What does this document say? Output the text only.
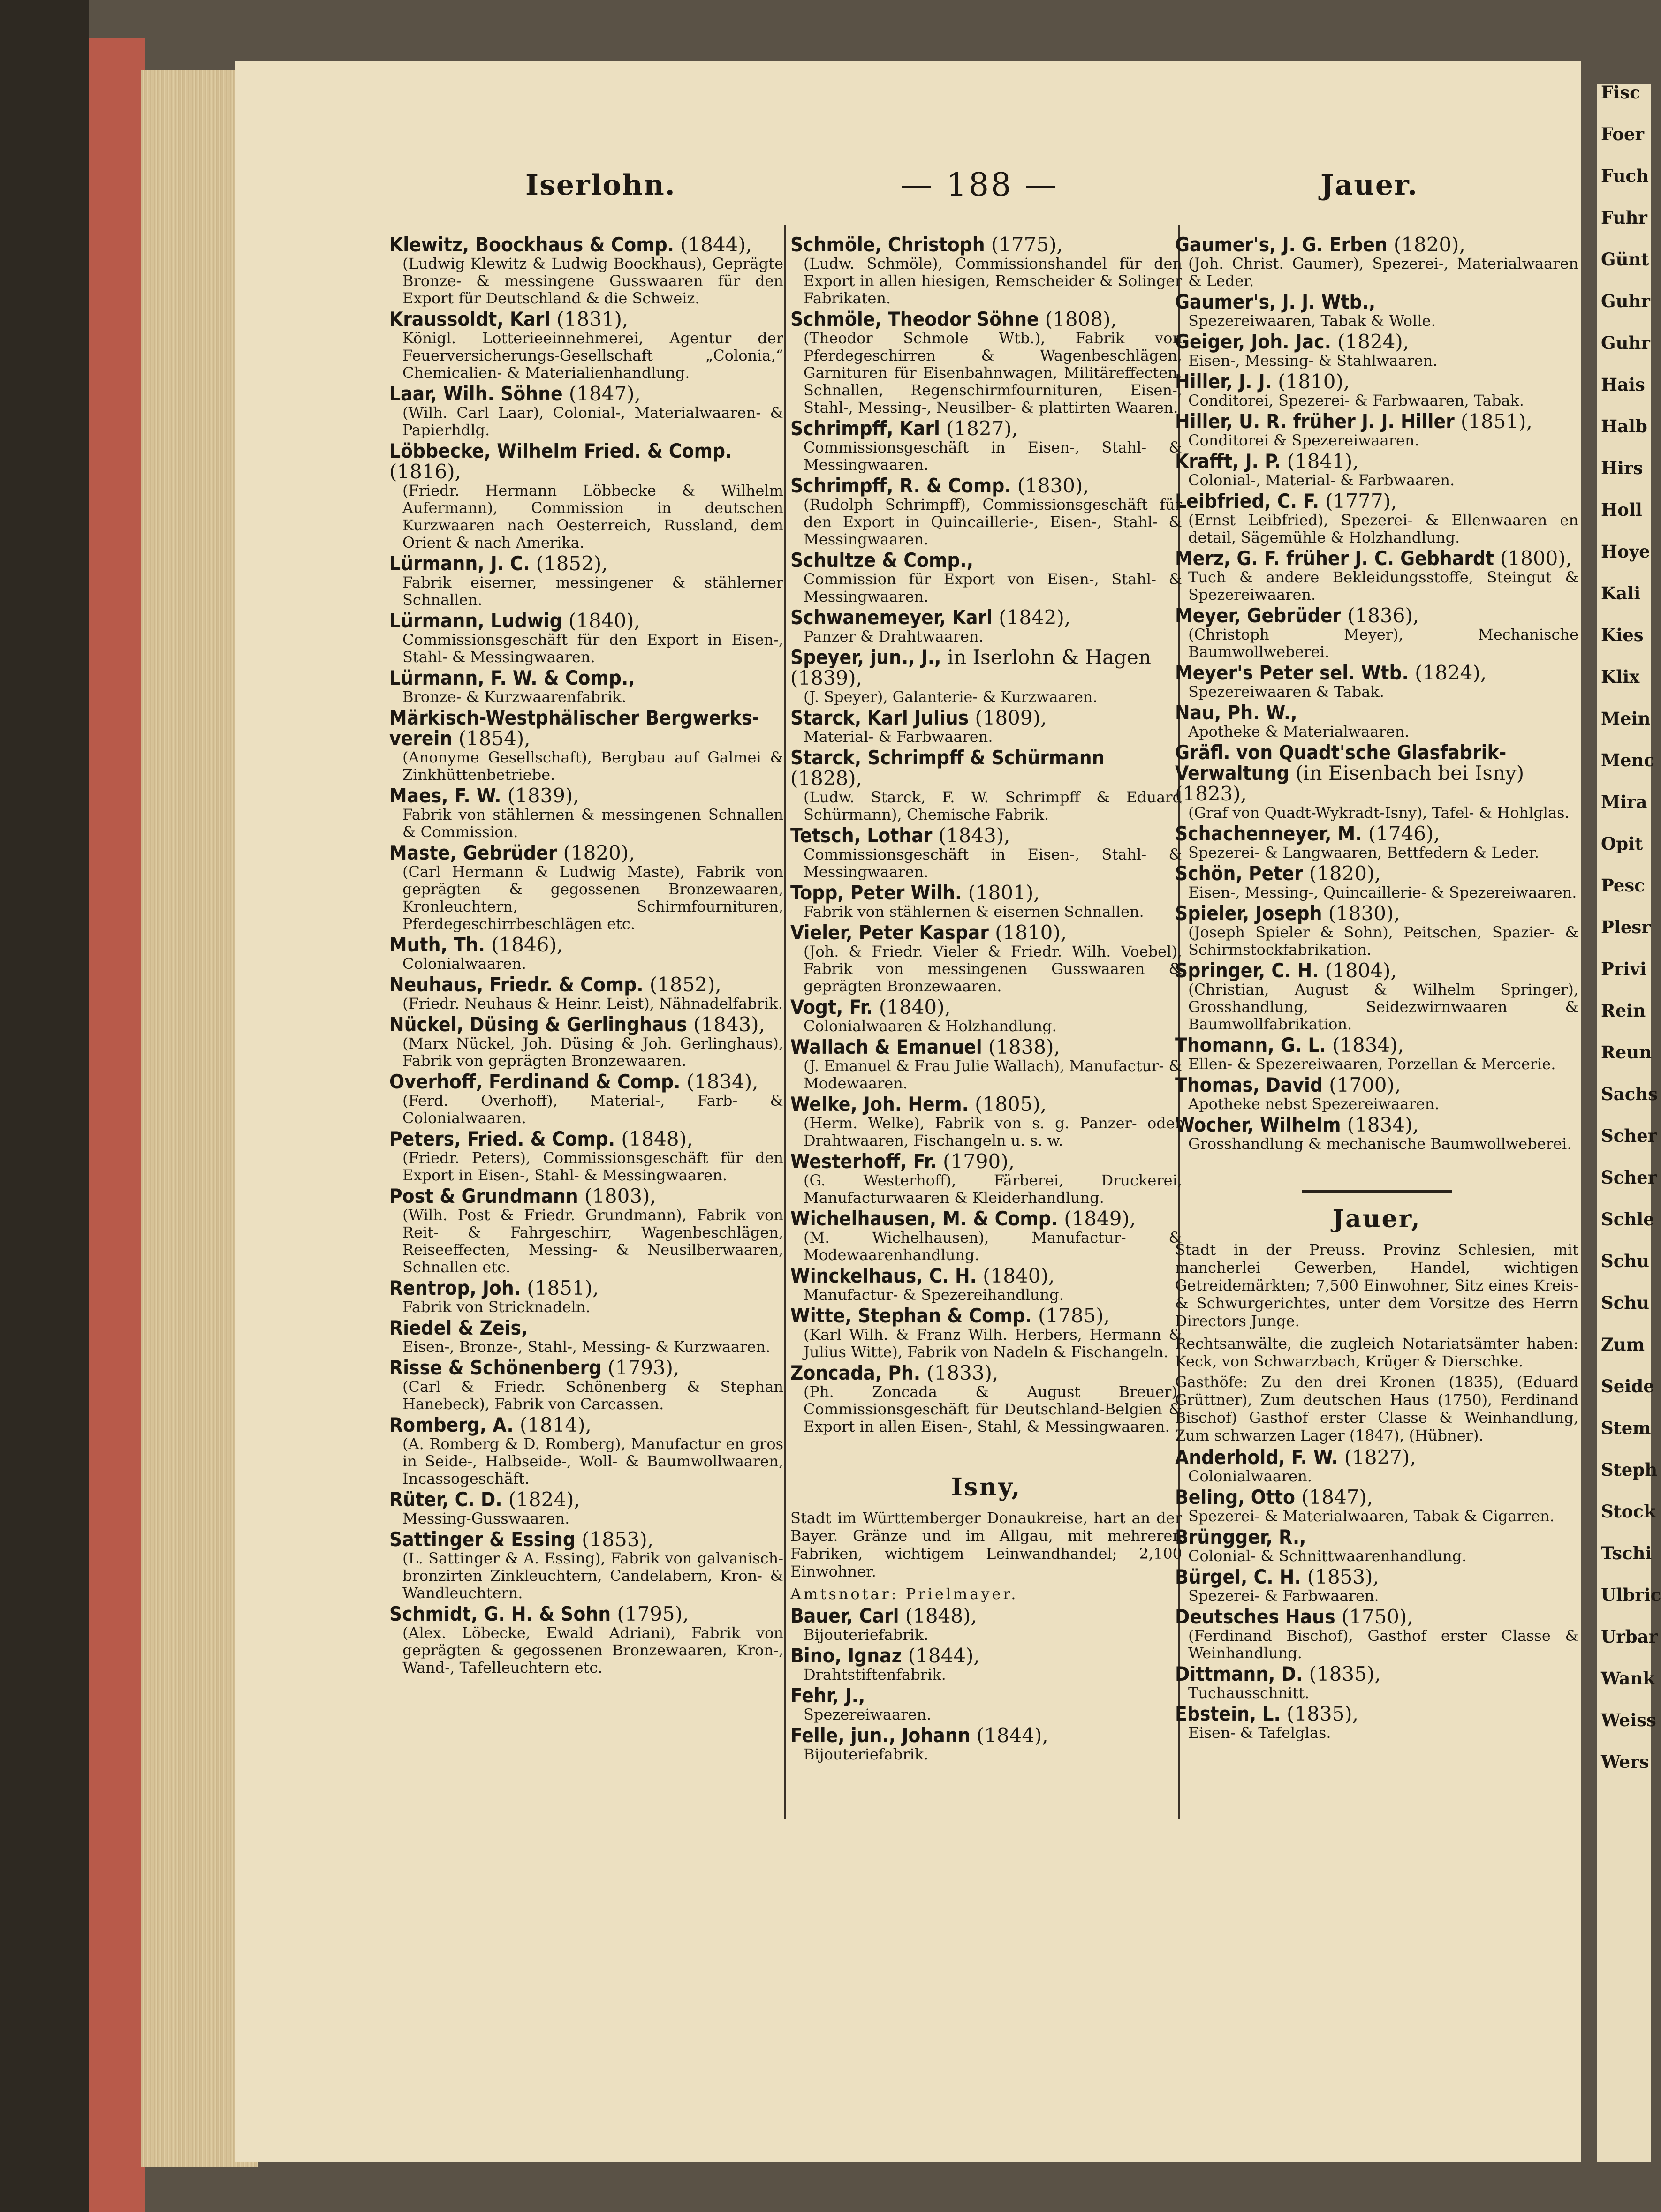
Iserlohn.	— 188 —	Jauer.
Klewitz, Boockhaus & Comp. (1844),
(Ludwig Klewitz & Ludwig Boockhaus), Geprägte Bronze- & messingene Gusswaaren für den Export für Deutschland & die Schweiz.
Kraussoldt, Karl (1831),
Königl. Lotterieeinnehmerei, Agentur der Feuerversicherungs-Gesellschaft „Colonia,“ Chemicalien- & Materialienhandlung.
Laar, Wilh. Söhne (1847),
(Wilh. Carl Laar), Colonial-, Materialwaaren- & Papierhdlg.
Löbbecke, Wilhelm Fried. & Comp. (1816),
(Friedr. Hermann Löbbecke & Wilhelm Aufermann), Commission in deutschen Kurzwaaren nach Oesterreich, Russland, dem Orient & nach Amerika.
Lürmann, J. C. (1852),
Fabrik eiserner, messingener & stählerner Schnallen.
Lürmann, Ludwig (1840),
Commissionsgeschäft für den Export in Eisen-, Stahl- & Messingwaaren.
Lürmann, F. W. & Comp.,
Bronze- & Kurzwaarenfabrik.
Märkisch-Westphälischer Bergwerks-verein (1854),
(Anonyme Gesellschaft), Bergbau auf Galmei & Zinkhüttenbetriebe.
Maes, F. W. (1839),
Fabrik von stählernen & messingenen Schnallen & Commission.
Maste, Gebrüder (1820),
(Carl Hermann & Ludwig Maste), Fabrik von geprägten & gegossenen Bronzewaaren, Kronleuchtern, Schirmfournituren, Pferdegeschirrbeschlägen etc.
Muth, Th. (1846),
Colonialwaaren.
Neuhaus, Friedr. & Comp. (1852),
(Friedr. Neuhaus & Heinr. Leist), Nähnadelfabrik.
Nückel, Düsing & Gerlinghaus (1843),
(Marx Nückel, Joh. Düsing & Joh. Gerlinghaus), Fabrik von geprägten Bronzewaaren.
Overhoff, Ferdinand & Comp. (1834),
(Ferd. Overhoff), Material-, Farb- & Colonialwaaren.
Peters, Fried. & Comp. (1848),
(Friedr. Peters), Commissionsgeschäft für den Export in Eisen-, Stahl- & Messingwaaren.
Post & Grundmann (1803),
(Wilh. Post & Friedr. Grundmann), Fabrik von Reit- & Fahrgeschirr, Wagenbeschlägen, Reiseeffecten, Messing- & Neusilberwaaren, Schnallen etc.
Rentrop, Joh. (1851),
Fabrik von Stricknadeln.
Riedel & Zeis,
Eisen-, Bronze-, Stahl-, Messing- & Kurzwaaren.
Risse & Schönenberg (1793),
(Carl & Friedr. Schönenberg & Stephan Hanebeck), Fabrik von Carcassen.
Romberg, A. (1814),
(A. Romberg & D. Romberg), Manufactur en gros in Seide-, Halbseide-, Woll- & Baumwollwaaren, Incassogeschäft.
Rüter, C. D. (1824),
Messing-Gusswaaren.
Sattinger & Essing (1853),
(L. Sattinger & A. Essing), Fabrik von galvanisch-bronzirten Zinkleuchtern, Candelabern, Kron- & Wandleuchtern.
Schmidt, G. H. & Sohn (1795),
(Alex. Löbecke, Ewald Adriani), Fabrik von geprägten & gegossenen Bronzewaaren, Kron-, Wand-, Tafelleuchtern etc.
Schmöle, Christoph (1775),
(Ludw. Schmöle), Commissionshandel für den Export in allen hiesigen, Remscheider & Solinger Fabrikaten.
Schmöle, Theodor Söhne (1808),
(Theodor Schmole Wtb.), Fabrik von Pferdegeschirren & Wagenbeschlägen, Garnituren für Eisenbahnwagen, Militäreffecten, Schnallen, Regenschirmfournituren, Eisen-, Stahl-, Messing-, Neusilber- & plattirten Waaren.
Schrimpff, Karl (1827),
Commissionsgeschäft in Eisen-, Stahl- & Messingwaaren.
Schrimpff, R. & Comp. (1830),
(Rudolph Schrimpff), Commissionsgeschäft für den Export in Quincaillerie-, Eisen-, Stahl- & Messingwaaren.
Schultze & Comp.,
Commission für Export von Eisen-, Stahl- & Messingwaaren.
Schwanemeyer, Karl (1842),
Panzer & Drahtwaaren.
Speyer, jun., J., in Iserlohn & Hagen (1839),
(J. Speyer), Galanterie- & Kurzwaaren.
Starck, Karl Julius (1809),
Material- & Farbwaaren.
Starck, Schrimpff & Schürmann (1828),
(Ludw. Starck, F. W. Schrimpff & Eduard Schürmann), Chemische Fabrik.
Tetsch, Lothar (1843),
Commissionsgeschäft in Eisen-, Stahl- & Messingwaaren.
Topp, Peter Wilh. (1801),
Fabrik von stählernen & eisernen Schnallen.
Vieler, Peter Kaspar (1810),
(Joh. & Friedr. Vieler & Friedr. Wilh. Voebel), Fabrik von messingenen Gusswaaren & geprägten Bronzewaaren.
Vogt, Fr. (1840),
Colonialwaaren & Holzhandlung.
Wallach & Emanuel (1838),
(J. Emanuel & Frau Julie Wallach), Manufactur- & Modewaaren.
Welke, Joh. Herm. (1805),
(Herm. Welke), Fabrik von s. g. Panzer- oder Drahtwaaren, Fischangeln u. s. w.
Westerhoff, Fr. (1790),
(G. Westerhoff), Färberei, Druckerei, Manufacturwaaren & Kleiderhandlung.
Wichelhausen, M. & Comp. (1849),
(M. Wichelhausen), Manufactur- & Modewaarenhandlung.
Winckelhaus, C. H. (1840),
Manufactur- & Spezereihandlung.
Witte, Stephan & Comp. (1785),
(Karl Wilh. & Franz Wilh. Herbers, Hermann & Julius Witte), Fabrik von Nadeln & Fischangeln.
Zoncada, Ph. (1833),
(Ph. Zoncada & August Breuer), Commissionsgeschäft für Deutschland-Belgien & Export in allen Eisen-, Stahl, & Messingwaaren.
Isny,
Stadt im Württemberger Donaukreise, hart an der Bayer. Gränze und im Allgau, mit mehreren Fabriken, wichtigem Leinwandhandel; 2,100 Einwohner.
Amtsnotar: Prielmayer.
Bauer, Carl (1848),
Bijouteriefabrik.
Bino, Ignaz (1844),
Drahtstiftenfabrik.
Fehr, J.,
Spezereiwaaren.
Felle, jun., Johann (1844),
Bijouteriefabrik.
Gaumer's, J. G. Erben (1820),
(Joh. Christ. Gaumer), Spezerei-, Materialwaaren & Leder.
Gaumer's, J. J. Wtb.,
Spezereiwaaren, Tabak & Wolle.
Geiger, Joh. Jac. (1824),
Eisen-, Messing- & Stahlwaaren.
Hiller, J. J. (1810),
Conditorei, Spezerei- & Farbwaaren, Tabak.
Hiller, U. R. früher J. J. Hiller (1851),
Conditorei & Spezereiwaaren.
Krafft, J. P. (1841),
Colonial-, Material- & Farbwaaren.
Leibfried, C. F. (1777),
(Ernst Leibfried), Spezerei- & Ellenwaaren en detail, Sägemühle & Holzhandlung.
Merz, G. F. früher J. C. Gebhardt (1800),
Tuch & andere Bekleidungsstoffe, Steingut & Spezereiwaaren.
Meyer, Gebrüder (1836),
(Christoph Meyer), Mechanische Baumwollweberei.
Meyer's Peter sel. Wtb. (1824),
Spezereiwaaren & Tabak.
Nau, Ph. W.,
Apotheke & Materialwaaren.
Gräfl. von Quadt'sche Glasfabrik-Verwaltung (in Eisenbach bei Isny) (1823),
(Graf von Quadt-Wykradt-Isny), Tafel- & Hohlglas.
Schachenneyer, M. (1746),
Spezerei- & Langwaaren, Bettfedern & Leder.
Schön, Peter (1820),
Eisen-, Messing-, Quincaillerie- & Spezereiwaaren.
Spieler, Joseph (1830),
(Joseph Spieler & Sohn), Peitschen, Spazier- & Schirmstockfabrikation.
Springer, C. H. (1804),
(Christian, August & Wilhelm Springer), Grosshandlung, Seidezwirnwaaren & Baumwollfabrikation.
Thomann, G. L. (1834),
Ellen- & Spezereiwaaren, Porzellan & Mercerie.
Thomas, David (1700),
Apotheke nebst Spezereiwaaren.
Wocher, Wilhelm (1834),
Grosshandlung & mechanische Baumwollweberei.
Jauer,
Stadt in der Preuss. Provinz Schlesien, mit mancherlei Gewerben, Handel, wichtigen Getreidemärkten; 7,500 Einwohner, Sitz eines Kreis- & Schwurgerichtes, unter dem Vorsitze des Herrn Directors Junge.
Rechtsanwälte, die zugleich Notariatsämter haben: Keck, von Schwarzbach, Krüger & Dierschke.
Gasthöfe: Zu den drei Kronen (1835), (Eduard Grüttner), Zum deutschen Haus (1750), Ferdinand Bischof) Gasthof erster Classe & Weinhandlung, Zum schwarzen Lager (1847), (Hübner).
Anderhold, F. W. (1827),
Colonialwaaren.
Beling, Otto (1847),
Spezerei- & Materialwaaren, Tabak & Cigarren.
Brüngger, R.,
Colonial- & Schnittwaarenhandlung.
Bürgel, C. H. (1853),
Spezerei- & Farbwaaren.
Deutsches Haus (1750),
(Ferdinand Bischof), Gasthof erster Classe & Weinhandlung.
Dittmann, D. (1835),
Tuchausschnitt.
Ebstein, L. (1835),
Eisen- & Tafelglas.
Fisc
Foer
Fuch
Fuhr
Günt
Guhr
Guhr
Hais
Halb
Hirs
Holl
Hoye
Kali
Kies
Klix
Mein
Menc
Mira
Opit
Pesc
Plesr
Privi
Rein
Reun
Sachs
Scher
Scher
Schle
Schu
Schu
Zum
Seide
Stem
Steph
Stock
Tschi
Ulbric
Urbar
Wank
Weiss
Wers
